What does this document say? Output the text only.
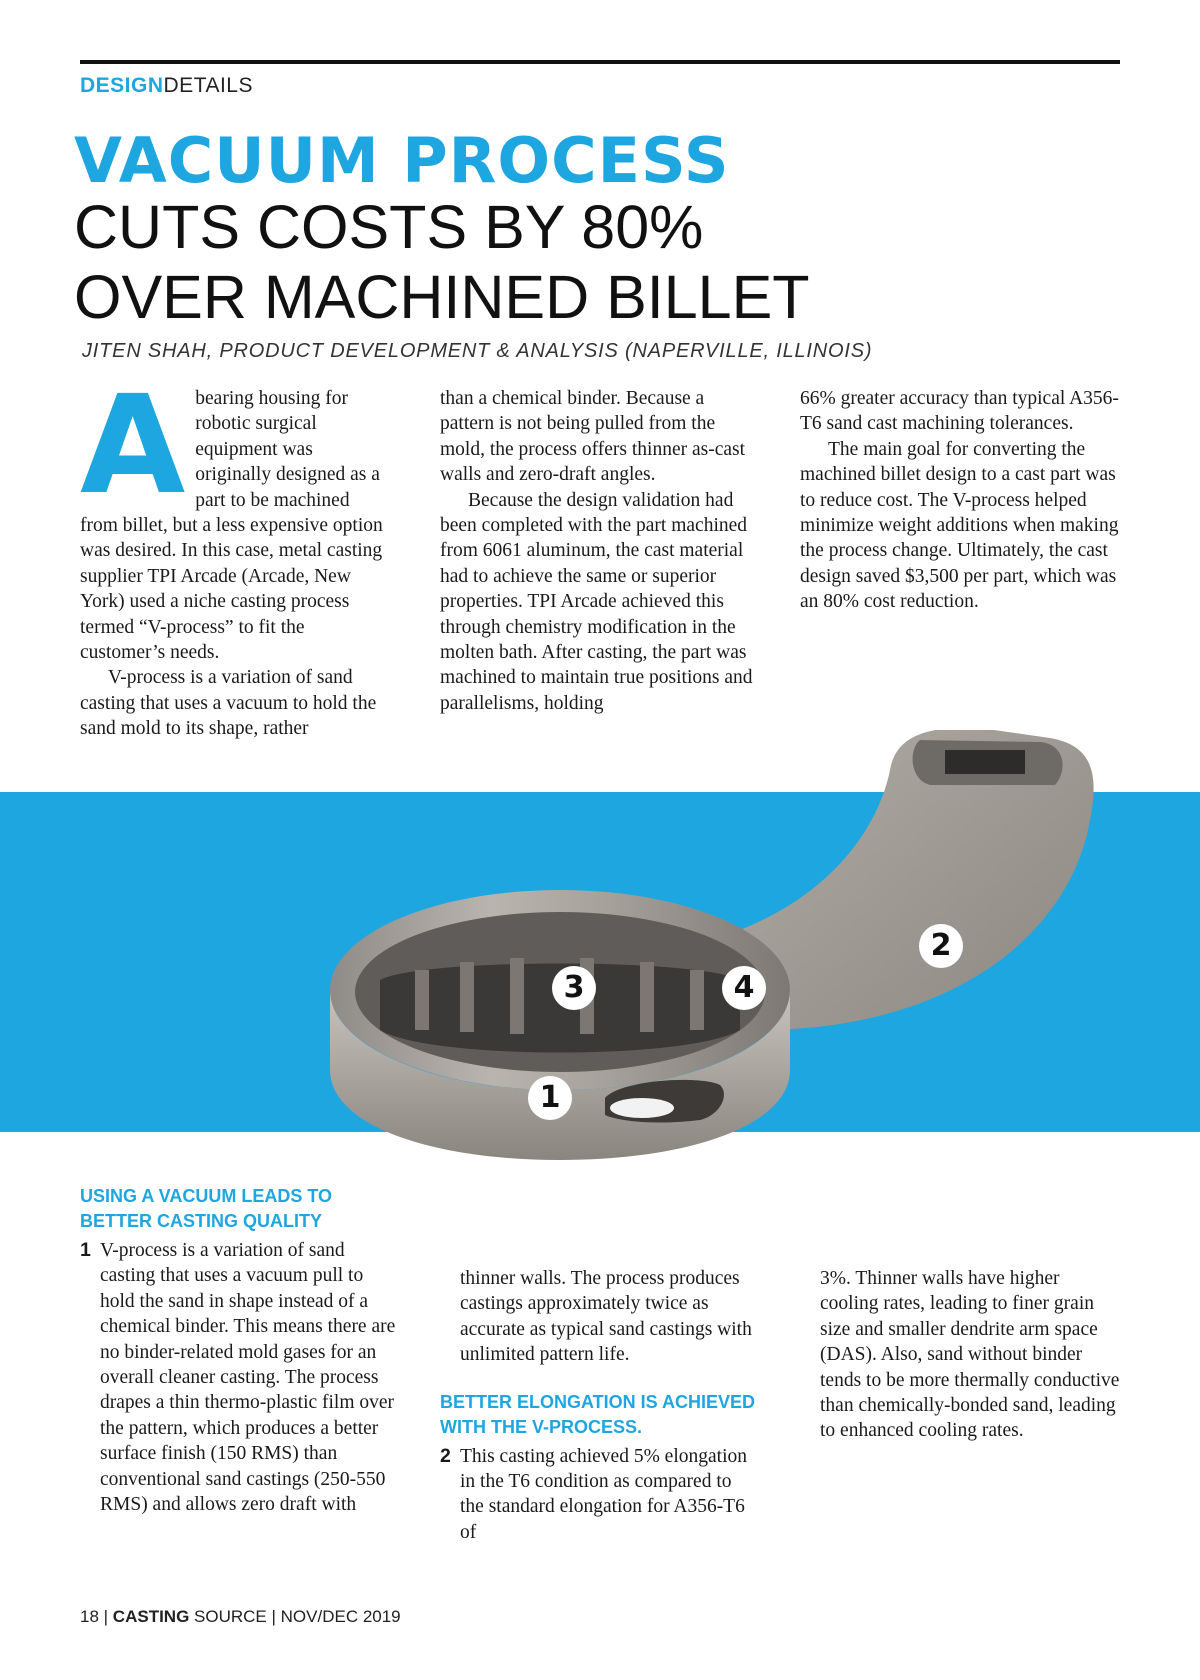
DESIGNDETAILS
VACUUM PROCESS
CUTS COSTS BY 80%
OVER MACHINED BILLET
JITEN SHAH, PRODUCT DEVELOPMENT & ANALYSIS (NAPERVILLE, ILLINOIS)

Abearing housing for robotic surgical equipment was originally designed as a part to be machined from billet, but a less expensive option was desired. In this case, metal casting supplier TPI Arcade (Arcade, New York) used a niche casting process termed “V-process” to fit the customer’s needs.

V-process is a variation of sand casting that uses a vacuum to hold the sand mold to its shape, rather

than a chemical binder. Because a pattern is not being pulled from the mold, the process offers thinner as-cast walls and zero-draft angles.

Because the design validation had been completed with the part machined from 6061 aluminum, the cast material had to achieve the same or superior properties. TPI Arcade achieved this through chemistry modification in the molten bath. After casting, the part was machined to maintain true positions and parallelisms, holding

66% greater accuracy than typical A356-T6 sand cast machining tolerances.

The main goal for converting the machined billet design to a cast part was to reduce cost. The V-process helped minimize weight additions when making the process change. Ultimately, the cast design saved $3,500 per part, which was an 80% cost reduction.

2
3	4
1

USING A VACUUM LEADS TO BETTER CASTING QUALITY

1 V-process is a variation of sand casting that uses a vacuum pull to hold the sand in shape instead of a chemical binder. This means there are no binder-related mold gases for an overall cleaner casting. The process drapes a thin thermo-plastic film over the pattern, which produces a better surface finish (150 RMS) than conventional sand castings (250-550 RMS) and allows zero draft with

thinner walls. The process produces castings approximately twice as accurate as typical sand castings with unlimited pattern life.

BETTER ELONGATION IS ACHIEVED WITH THE V-PROCESS.

2 This casting achieved 5% elongation in the T6 condition as compared to the standard elongation for A356-T6 of

3%. Thinner walls have higher cooling rates, leading to finer grain size and smaller dendrite arm space (DAS). Also, sand without binder tends to be more thermally conductive than chemically-bonded sand, leading to enhanced cooling rates.

18 | CASTING SOURCE | NOV/DEC 2019
